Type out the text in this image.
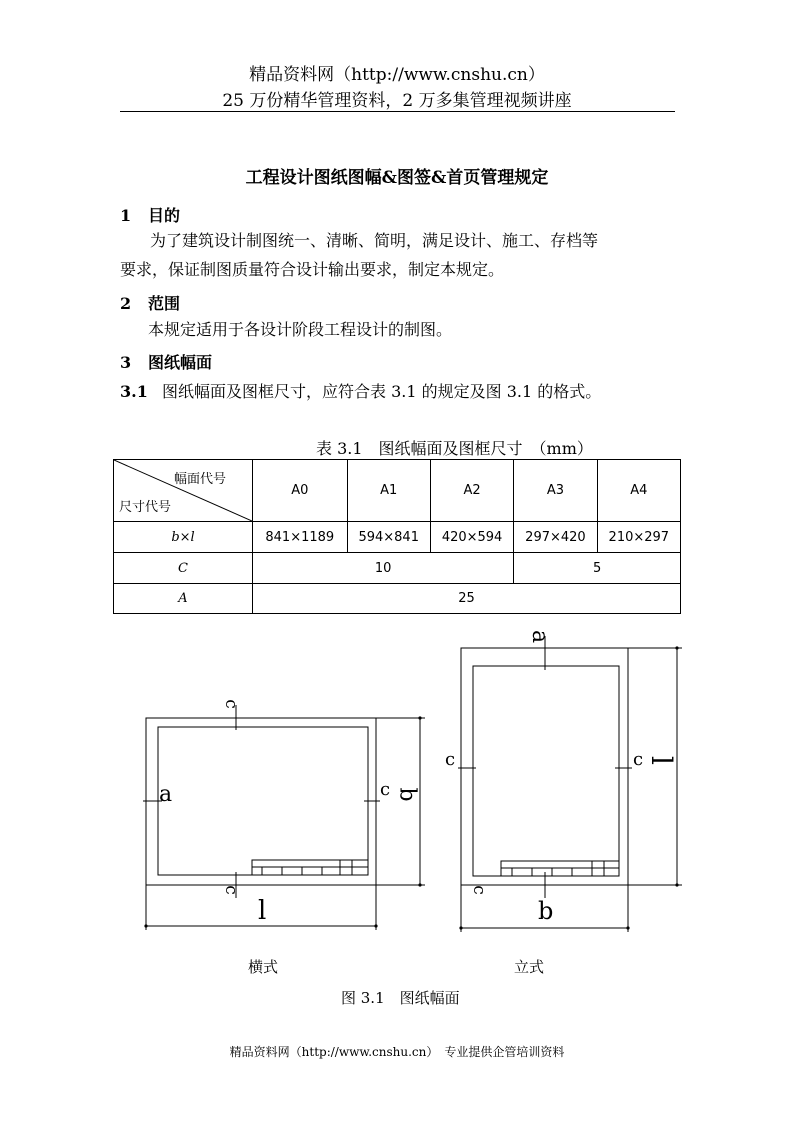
精品资料网（http://www.cnshu.cn）
25 万份精华管理资料，2 万多集管理视频讲座
工程设计图纸图幅&图签&首页管理规定
1 目的
为了建筑设计制图统一、清晰、简明，满足设计、施工、存档等
要求，保证制图质量符合设计输出要求，制定本规定。
2 范围
本规定适用于各设计阶段工程设计的制图。
3 图纸幅面
3.1 图纸幅面及图框尺寸，应符合表 3.1 的规定及图 3.1 的格式。
表 3.1　图纸幅面及图框尺寸　（mm）
幅面代号
尺寸代号	A0	A1	A2	A3	A4
b×l	841×1189	594×841	420×594	297×420	210×297
C	10			5	
A	25				
c
a	c
c
b
l
a
c	c
c
l
b
横式	立式
图 3.1　图纸幅面
精品资料网（http://www.cnshu.cn）　专业提供企管培训资料
